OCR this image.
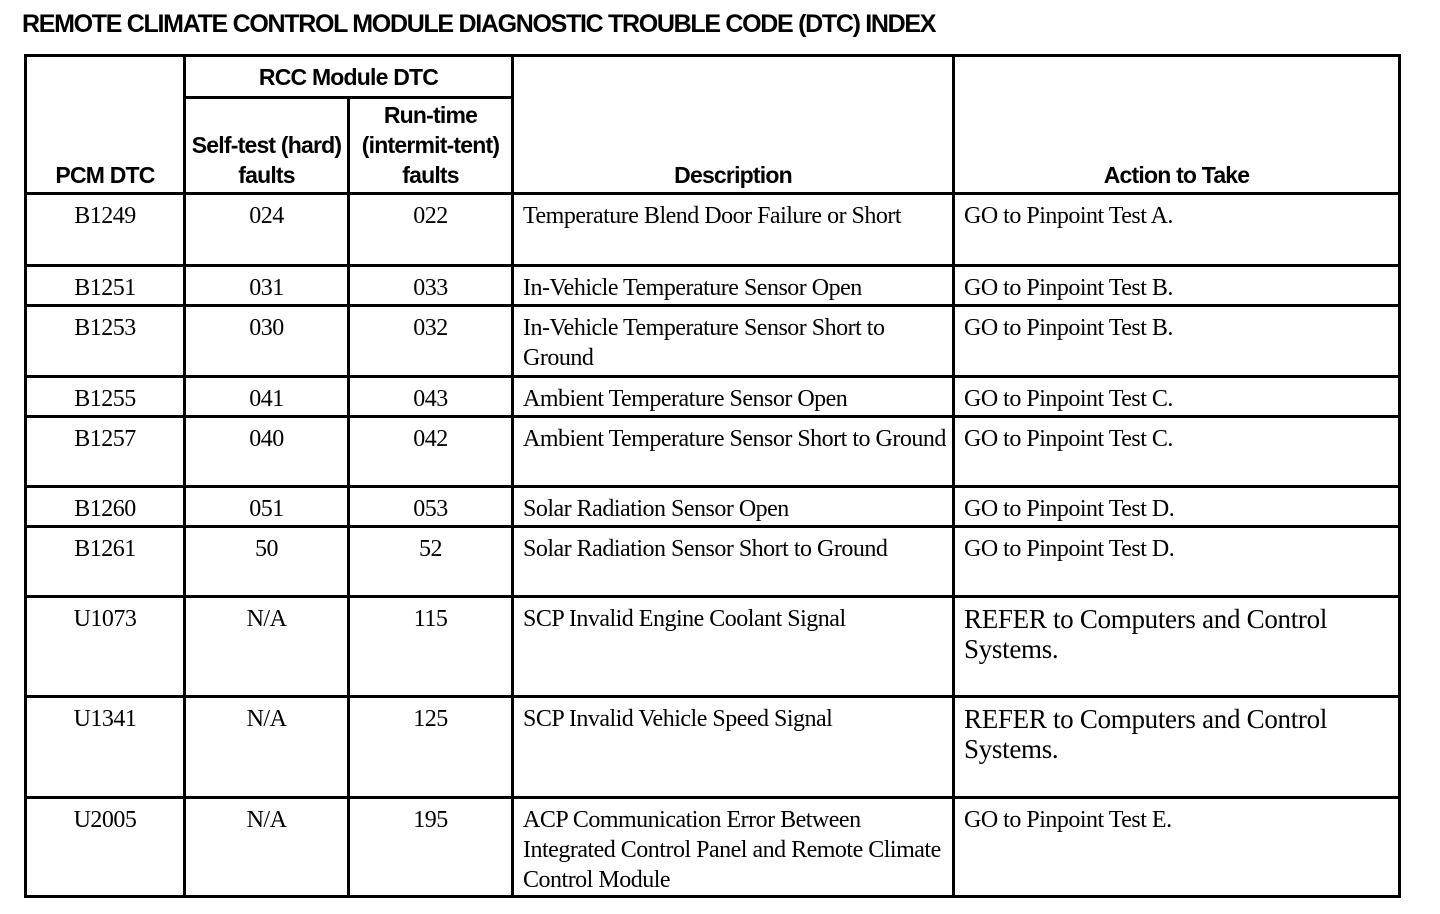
REMOTE CLIMATE CONTROL MODULE DIAGNOSTIC TROUBLE CODE (DTC) INDEX
PCM DTC	RCC Module DTC		Description	Action to Take
	Self-test (hard) faults	Run-time (intermit-tent) faults		
B1249	024	022	Temperature Blend Door Failure or Short	GO to Pinpoint Test A.
B1251	031	033	In-Vehicle Temperature Sensor Open	GO to Pinpoint Test B.
B1253	030	032	In-Vehicle Temperature Sensor Short to Ground	GO to Pinpoint Test B.
B1255	041	043	Ambient Temperature Sensor Open	GO to Pinpoint Test C.
B1257	040	042	Ambient Temperature Sensor Short to Ground	GO to Pinpoint Test C.
B1260	051	053	Solar Radiation Sensor Open	GO to Pinpoint Test D.
B1261	50	52	Solar Radiation Sensor Short to Ground	GO to Pinpoint Test D.
U1073	N/A	115	SCP Invalid Engine Coolant Signal	REFER to Computers and Control Systems.
U1341	N/A	125	SCP Invalid Vehicle Speed Signal	REFER to Computers and Control Systems.
U2005	N/A	195	ACP Communication Error Between Integrated Control Panel and Remote Climate Control Module	GO to Pinpoint Test E.
